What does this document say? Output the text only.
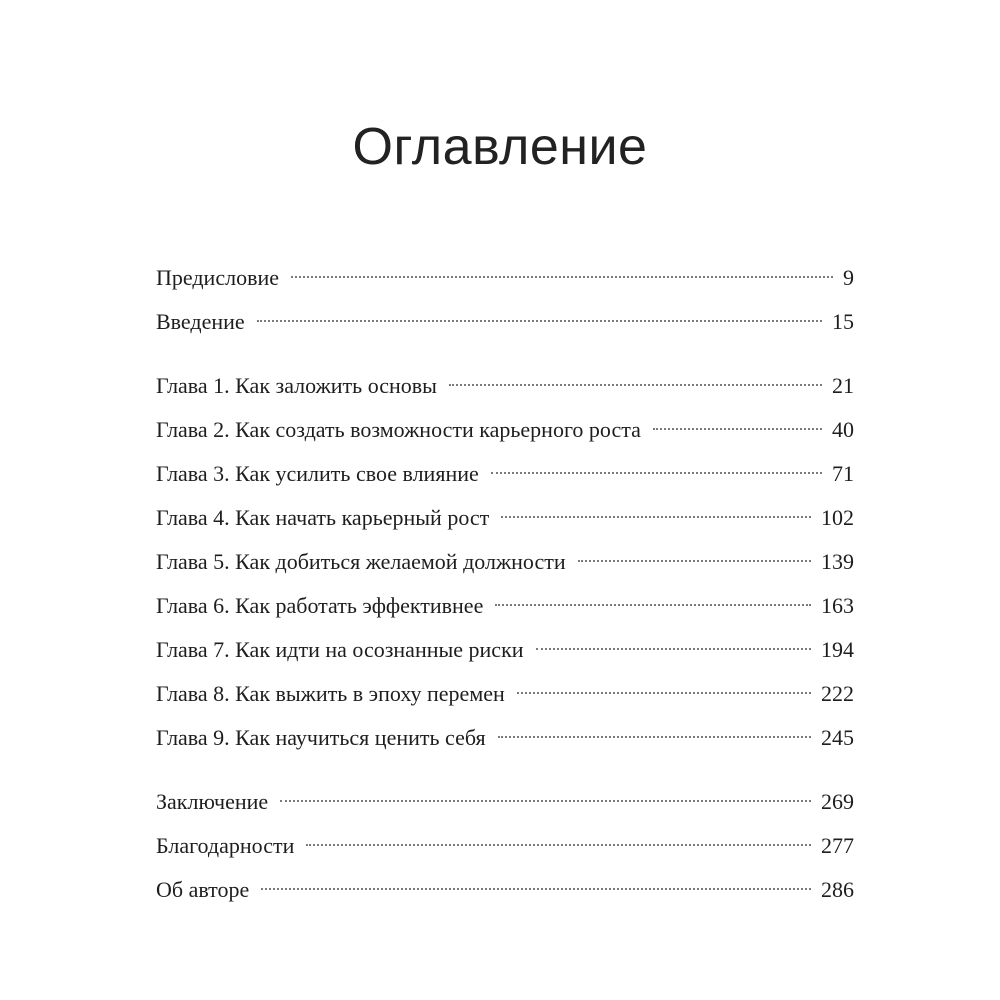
Оглавление
Предисловие	9
Введение	15
Глава 1. Как заложить основы	21
Глава 2. Как создать возможности карьерного роста	40
Глава 3. Как усилить свое влияние	71
Глава 4. Как начать карьерный рост	102
Глава 5. Как добиться желаемой должности	139
Глава 6. Как работать эффективнее	163
Глава 7. Как идти на осознанные риски	194
Глава 8. Как выжить в эпоху перемен	222
Глава 9. Как научиться ценить себя	245
Заключение	269
Благодарности	277
Об авторе	286
